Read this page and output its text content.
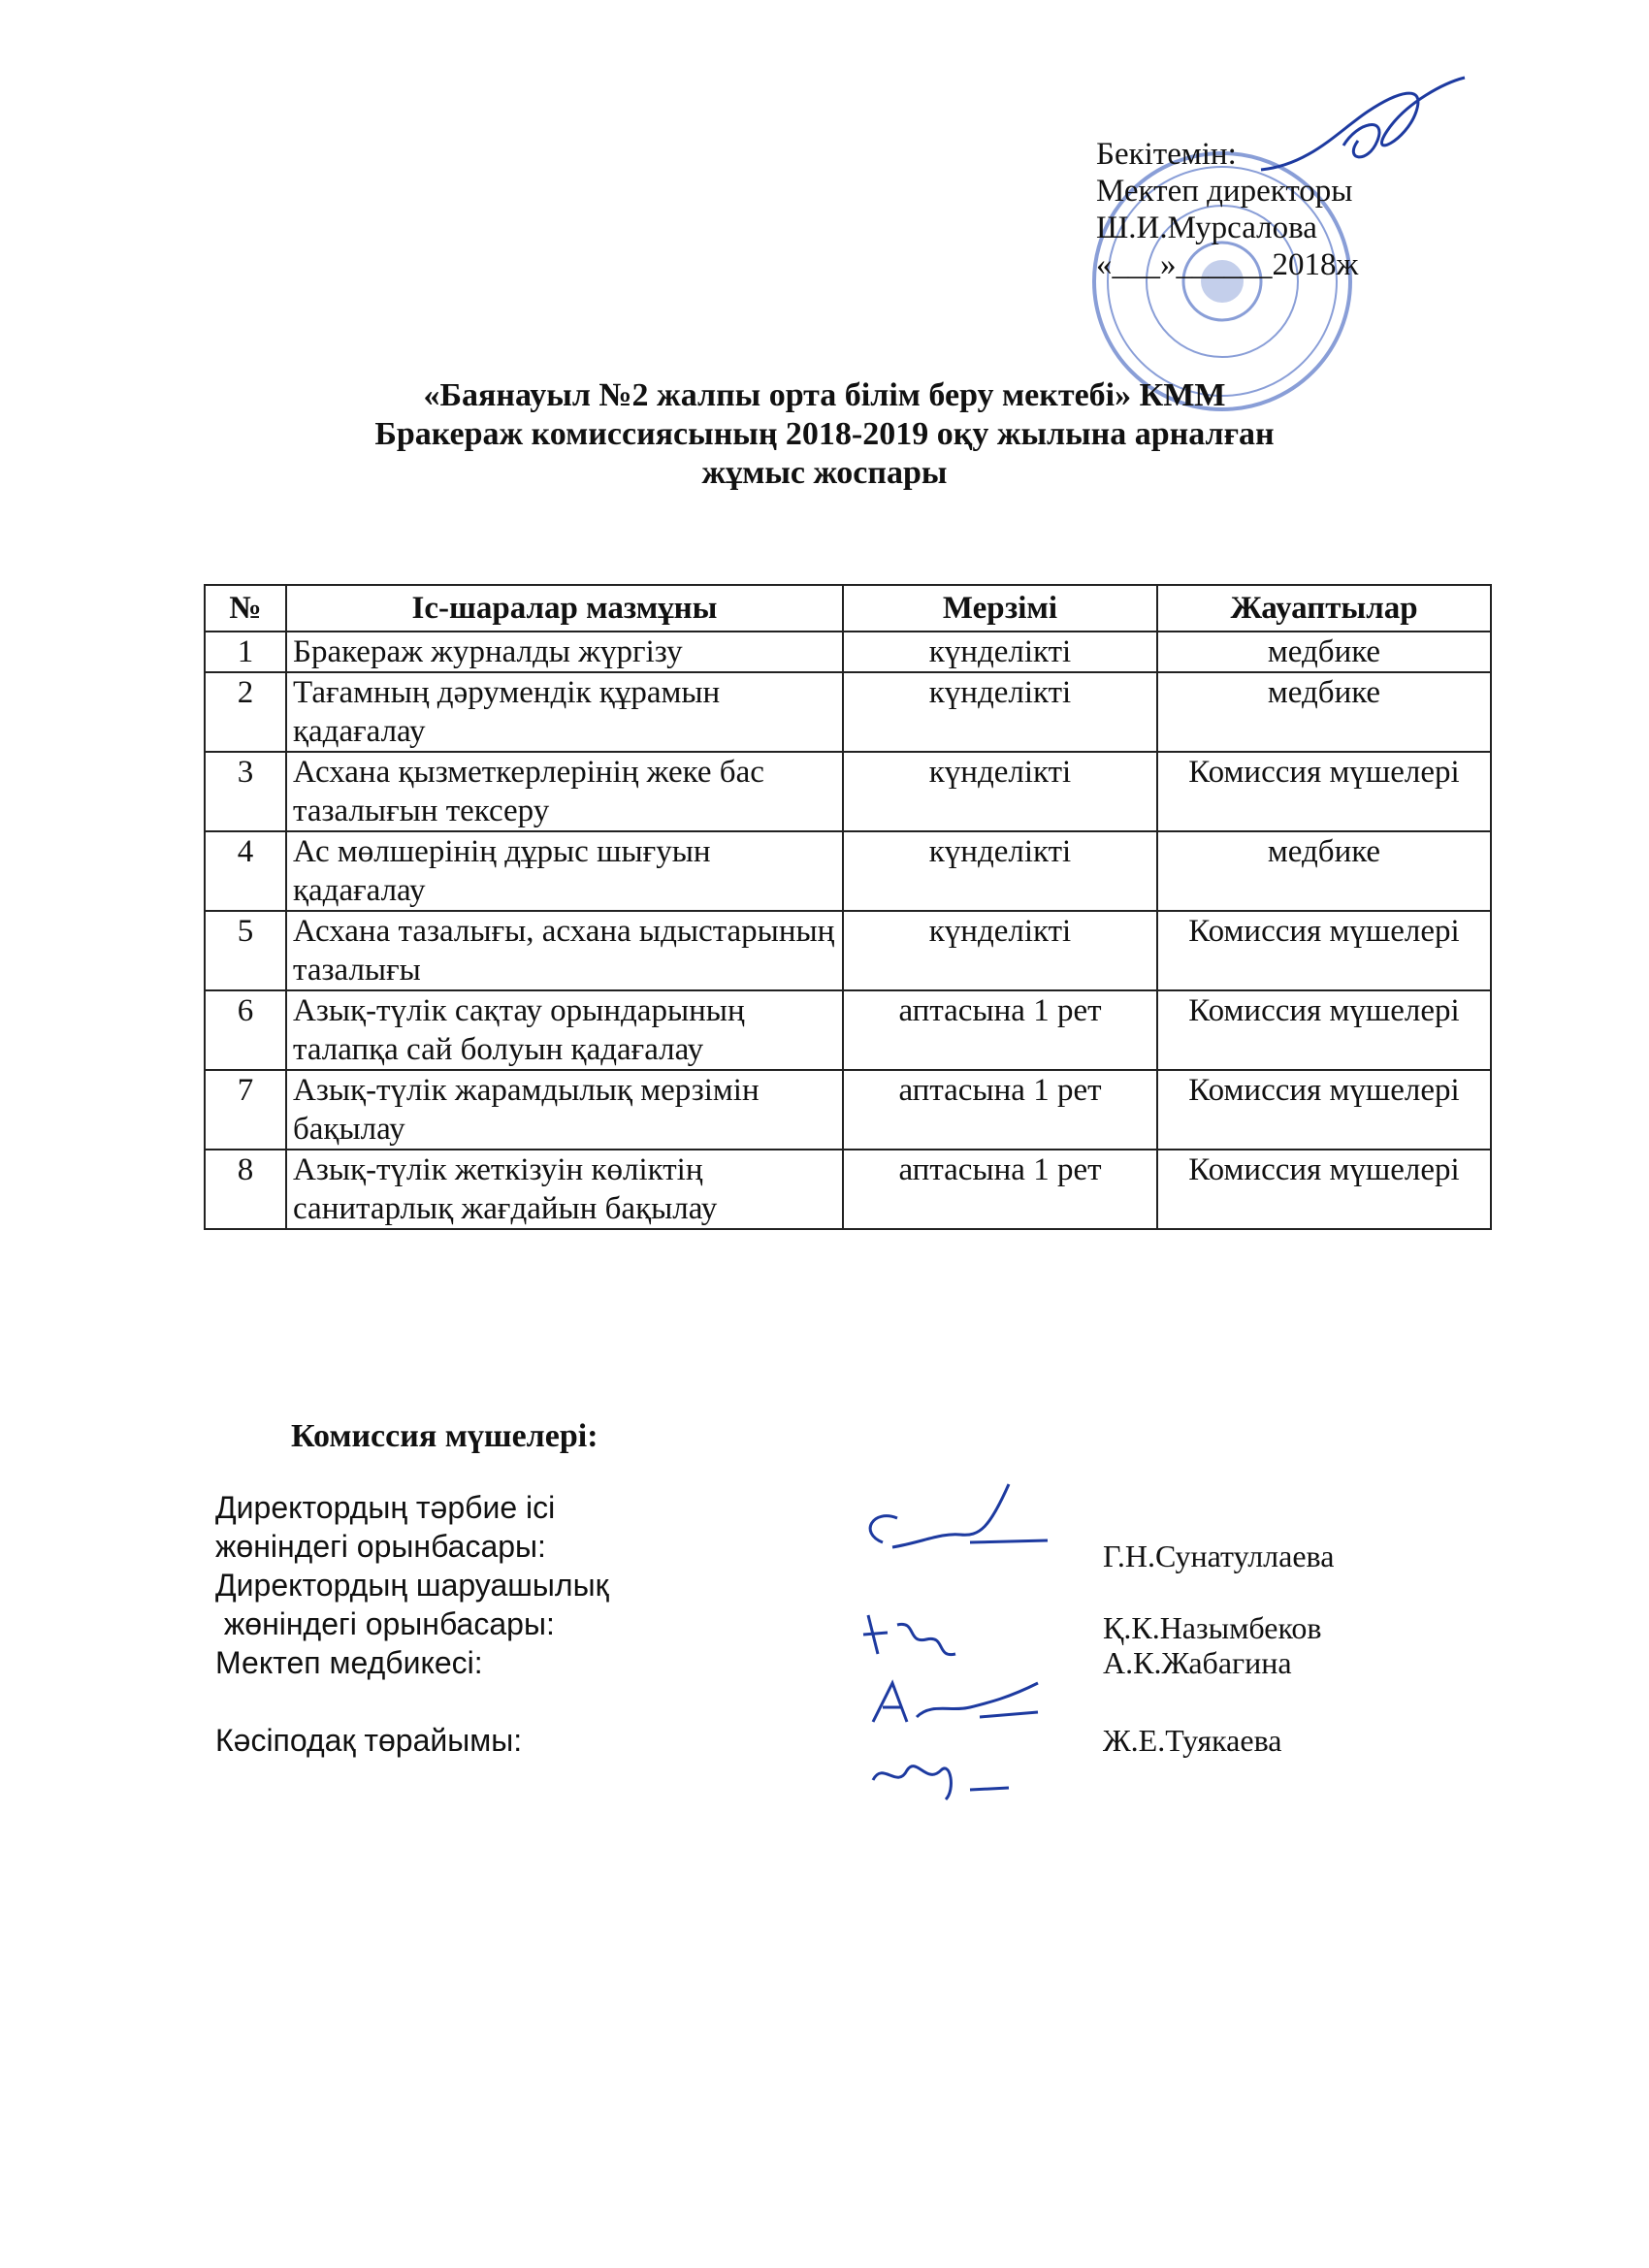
Бекітемін:
Мектеп директоры
Ш.И.Мурсалова
«___»______2018ж
«Баянауыл №2 жалпы орта білім беру мектебі» КММ
Бракераж комиссиясының 2018-2019 оқу жылына арналған
жұмыс жоспары
№	Іс-шаралар мазмұны	Мерзімі	Жауаптылар
1	Бракераж журналды жүргізу	күнделікті	медбике
2	Тағамның дәрумендік құрамын қадағалау	күнделікті	медбике
3	Асхана қызметкерлерінің жеке бас тазалығын тексеру	күнделікті	Комиссия мүшелері
4	Ас мөлшерінің дұрыс шығуын қадағалау	күнделікті	медбике
5	Асхана тазалығы, асхана ыдыстарының тазалығы	күнделікті	Комиссия мүшелері
6	Азық-түлік сақтау орындарының талапқа сай болуын қадағалау	аптасына 1 рет	Комиссия мүшелері
7	Азық-түлік жарамдылық мерзімін бақылау	аптасына 1 рет	Комиссия мүшелері
8	Азық-түлік жеткізуін көліктің санитарлық жағдайын бақылау	аптасына 1 рет	Комиссия мүшелері
Комиссия мүшелері:
Директордың тәрбие ісі
жөніндегі орынбасары:	Г.Н.Сунатуллаева
Директордың шаруашылық
жөніндегі орынбасары:	Қ.К.Назымбеков
Мектеп медбикесі:	А.К.Жабагина
Кәсіподақ төрайымы:	Ж.Е.Туякаева
